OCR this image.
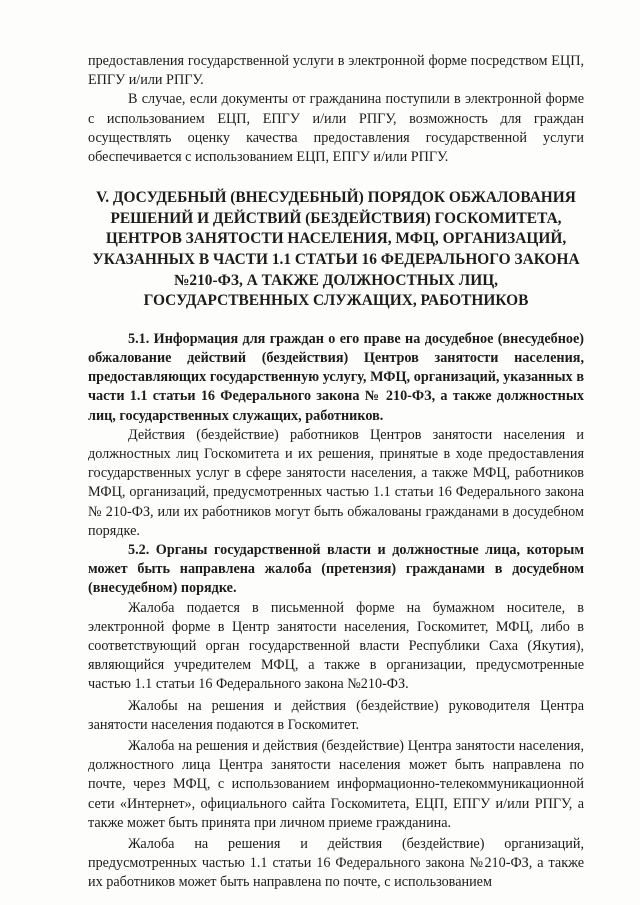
предоставления государственной услуги в электронной форме посредством ЕЦП, ЕПГУ и/или РПГУ.

В случае, если документы от гражданина поступили в электронной форме с использованием ЕЦП, ЕПГУ и/или РПГУ, возможность для граждан осуществлять оценку качества предоставления государственной услуги обеспечивается с использованием ЕЦП, ЕПГУ и/или РПГУ.

V. ДОСУДЕБНЫЙ (ВНЕСУДЕБНЫЙ) ПОРЯДОК ОБЖАЛОВАНИЯ РЕШЕНИЙ И ДЕЙСТВИЙ (БЕЗДЕЙСТВИЯ) ГОСКОМИТЕТА, ЦЕНТРОВ ЗАНЯТОСТИ НАСЕЛЕНИЯ, МФЦ, ОРГАНИЗАЦИЙ, УКАЗАННЫХ В ЧАСТИ 1.1 СТАТЬИ 16 ФЕДЕРАЛЬНОГО ЗАКОНА №210-ФЗ, А ТАКЖЕ ДОЛЖНОСТНЫХ ЛИЦ, ГОСУДАРСТВЕННЫХ СЛУЖАЩИХ, РАБОТНИКОВ

5.1. Информация для граждан о его праве на досудебное (внесудебное) обжалование действий (бездействия) Центров занятости населения, предоставляющих государственную услугу, МФЦ, организаций, указанных в части 1.1 статьи 16 Федерального закона № 210-ФЗ, а также должностных лиц, государственных служащих, работников.

Действия (бездействие) работников Центров занятости населения и должностных лиц Госкомитета и их решения, принятые в ходе предоставления государственных услуг в сфере занятости населения, а также МФЦ, работников МФЦ, организаций, предусмотренных частью 1.1 статьи 16 Федерального закона № 210-ФЗ, или их работников могут быть обжалованы гражданами в досудебном порядке.

5.2. Органы государственной власти и должностные лица, которым может быть направлена жалоба (претензия) гражданами в досудебном (внесудебном) порядке.

Жалоба подается в письменной форме на бумажном носителе, в электронной форме в Центр занятости населения, Госкомитет, МФЦ, либо в соответствующий орган государственной власти Республики Саха (Якутия), являющийся учредителем МФЦ, а также в организации, предусмотренные частью 1.1 статьи 16 Федерального закона №210-ФЗ.

Жалобы на решения и действия (бездействие) руководителя Центра занятости населения подаются в Госкомитет.

Жалоба на решения и действия (бездействие) Центра занятости населения, должностного лица Центра занятости населения может быть направлена по почте, через МФЦ, с использованием информационно-телекоммуникационной сети «Интернет», официального сайта Госкомитета, ЕЦП, ЕПГУ и/или РПГУ, а также может быть принята при личном приеме гражданина.

Жалоба на решения и действия (бездействие) организаций, предусмотренных частью 1.1 статьи 16 Федерального закона №210-ФЗ, а также их работников может быть направлена по почте, с использованием
